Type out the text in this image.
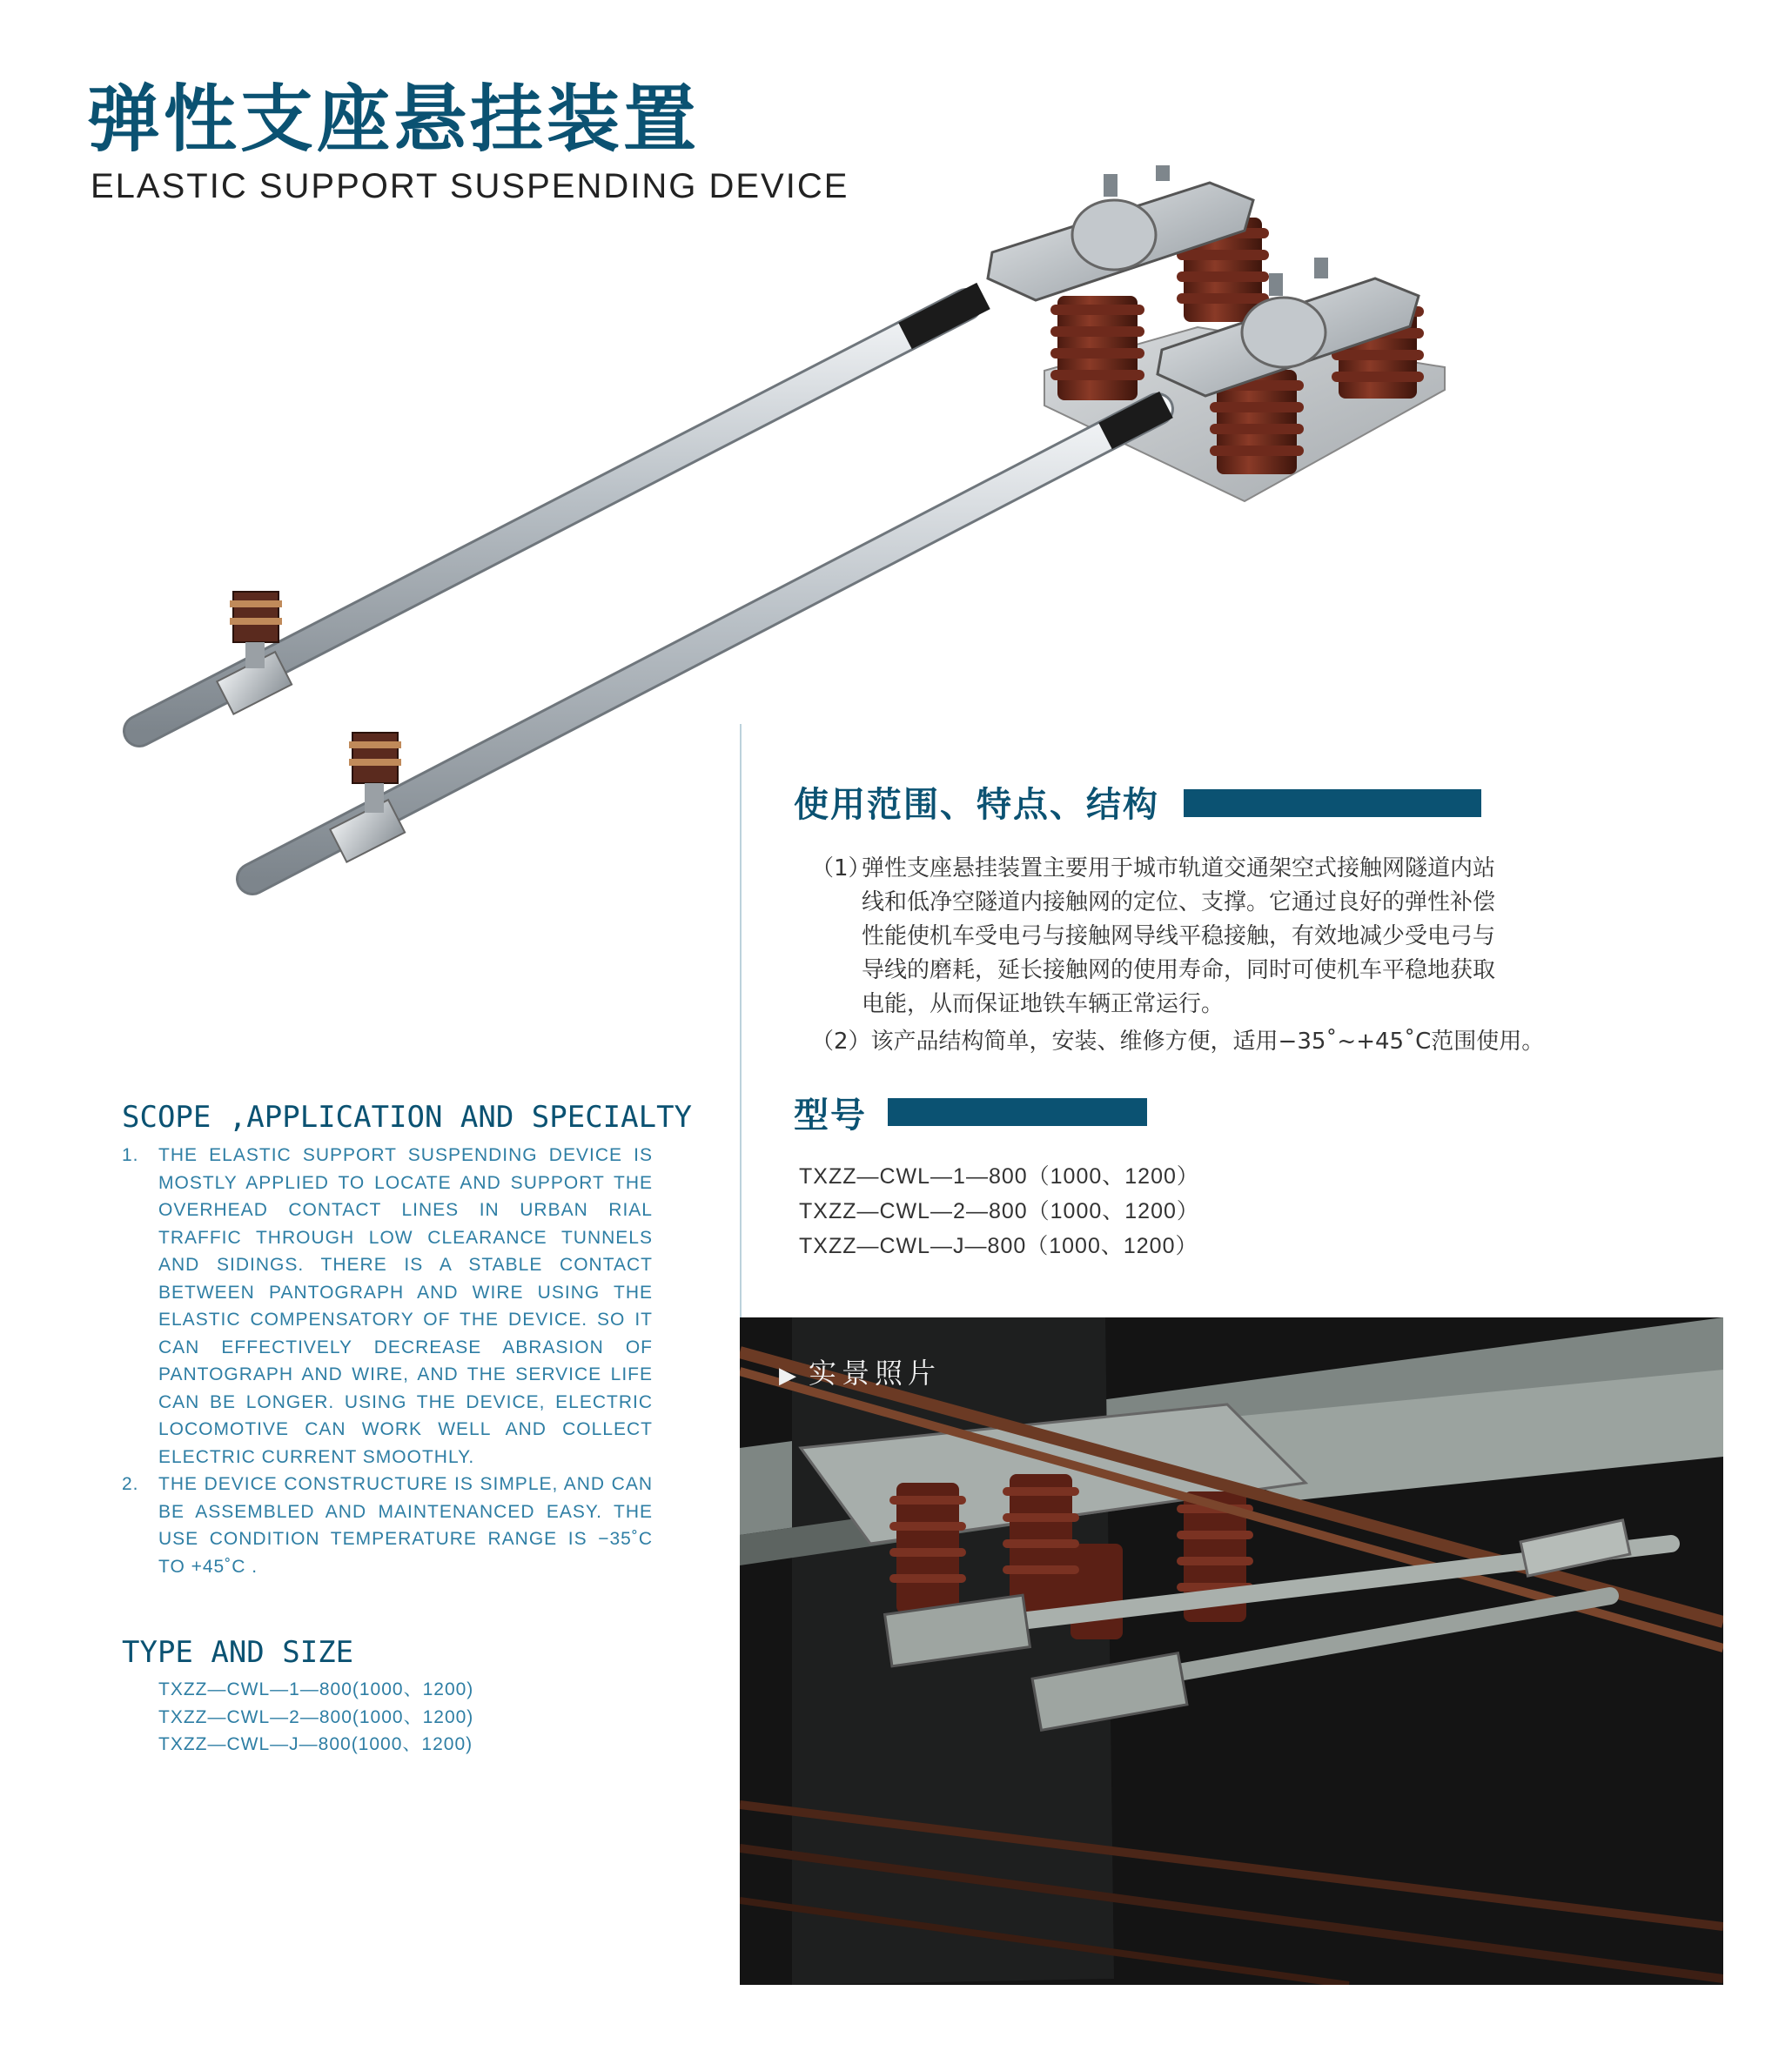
弹性支座悬挂装置
ELASTIC SUPPORT SUSPENDING DEVICE
使用范围、特点、结构
（1）
弹性支座悬挂装置主要用于城市轨道交通架空式接触网隧道内站线和低净空隧道内接触网的定位、支撑。它通过良好的弹性补偿性能使机车受电弓与接触网导线平稳接触，有效地减少受电弓与导线的磨耗，延长接触网的使用寿命，同时可使机车平稳地获取电能，从而保证地铁车辆正常运行。
（2）该产品结构简单，安装、维修方便，适用−35˚~+45˚C范围使用。
型号
TXZZ—CWL—1—800（1000、1200）
TXZZ—CWL—2—800（1000、1200）
TXZZ—CWL—J—800（1000、1200）
SCOPE ,APPLICATION AND SPECIALTY
1. THE ELASTIC SUPPORT SUSPENDING DEVICE IS MOSTLY APPLIED TO LOCATE AND SUPPORT THE OVERHEAD CONTACT LINES IN URBAN RIAL TRAFFIC THROUGH LOW CLEARANCE TUNNELS AND SIDINGS. THERE IS A STABLE CONTACT BETWEEN PANTOGRAPH AND WIRE USING THE ELASTIC COMPENSATORY OF THE DEVICE. SO IT CAN EFFECTIVELY DECREASE ABRASION OF PANTOGRAPH AND WIRE, AND THE SERVICE LIFE CAN BE LONGER. USING THE DEVICE, ELECTRIC LOCOMOTIVE CAN WORK WELL AND COLLECT ELECTRIC CURRENT SMOOTHLY.
2. THE DEVICE CONSTRUCTURE IS SIMPLE, AND CAN BE ASSEMBLED AND MAINTENANCED EASY. THE USE CONDITION TEMPERATURE RANGE IS −35˚C TO +45˚C .
TYPE AND SIZE
TXZZ—CWL—1—800(1000、1200)
TXZZ—CWL—2—800(1000、1200)
TXZZ—CWL—J—800(1000、1200)
▶ 实景照片
